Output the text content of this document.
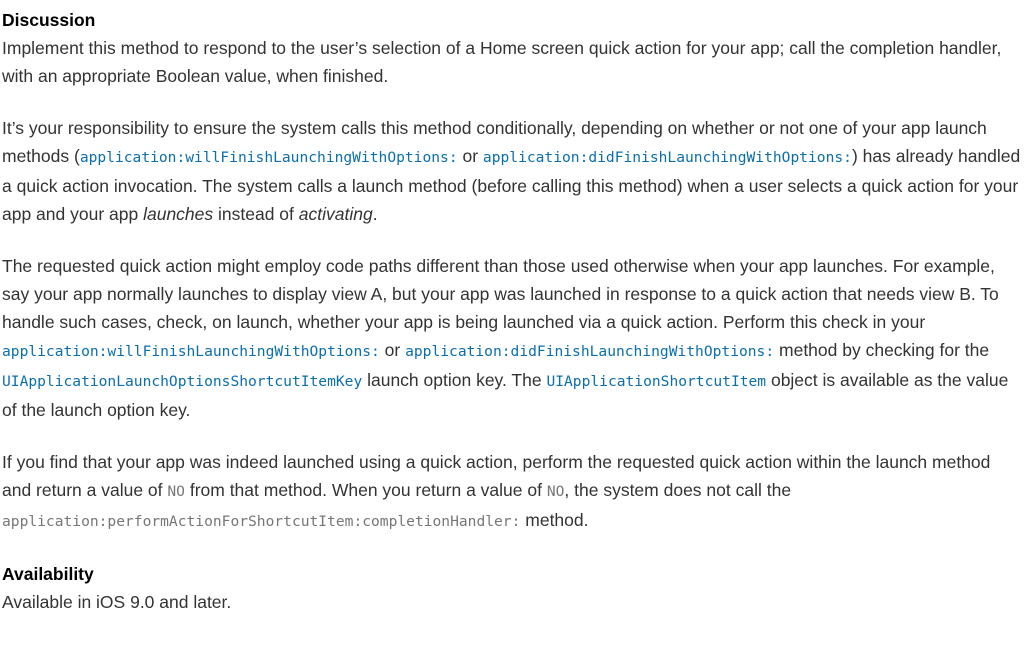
Discussion

Implement this method to respond to the user’s selection of a Home screen quick action for your app; call the completion handler, with an appropriate Boolean value, when finished.

It’s your responsibility to ensure the system calls this method conditionally, depending on whether or not one of your app launch methods (application:willFinishLaunchingWithOptions: or application:didFinishLaunchingWithOptions:) has already handled a quick action invocation. The system calls a launch method (before calling this method) when a user selects a quick action for your app and your app launches instead of activating.

The requested quick action might employ code paths different than those used otherwise when your app launches. For example, say your app normally launches to display view A, but your app was launched in response to a quick action that needs view B. To handle such cases, check, on launch, whether your app is being launched via a quick action. Perform this check in your application:willFinishLaunchingWithOptions: or application:didFinishLaunchingWithOptions: method by checking for the UIApplicationLaunchOptionsShortcutItemKey launch option key. The UIApplicationShortcutItem object is available as the value of the launch option key.

If you find that your app was indeed launched using a quick action, perform the requested quick action within the launch method and return a value of NO from that method. When you return a value of NO, the system does not call the application:performActionForShortcutItem:completionHandler: method.

Availability

Available in iOS 9.0 and later.
